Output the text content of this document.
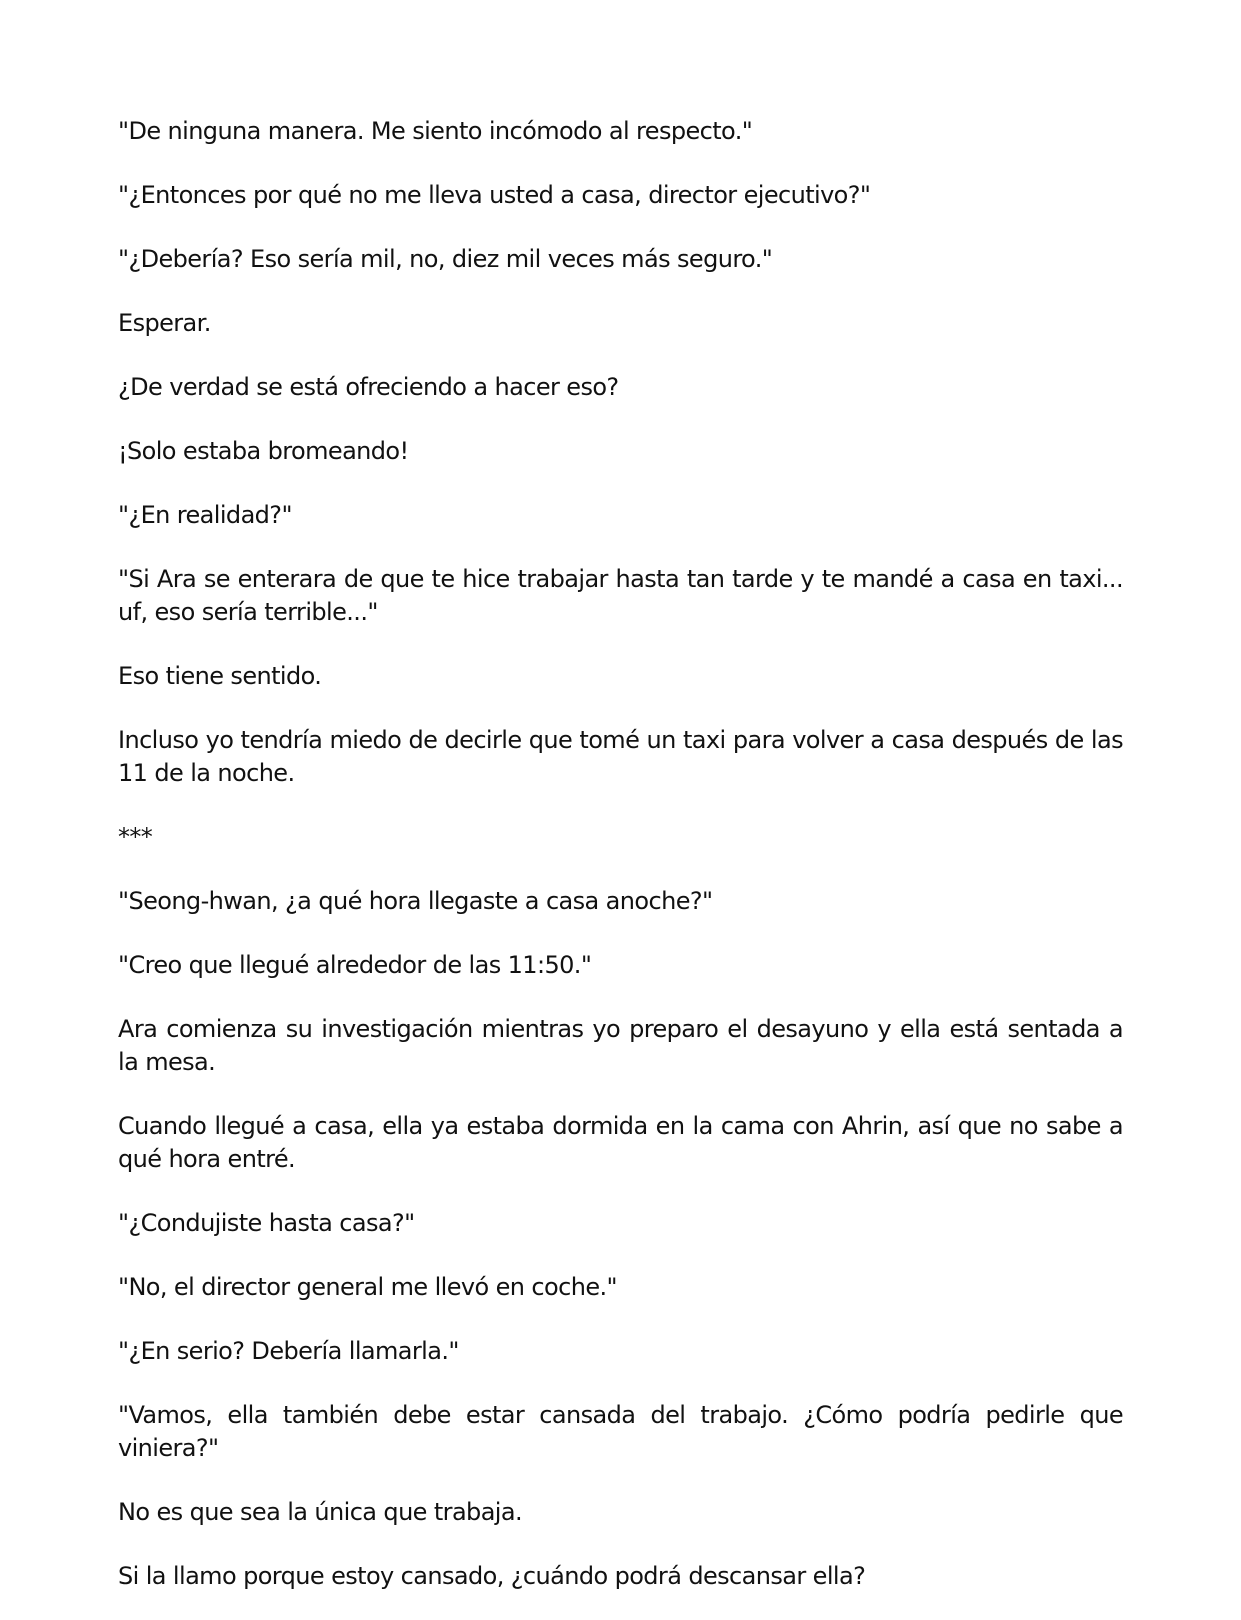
"De ninguna manera. Me siento incómodo al respecto."

"¿Entonces por qué no me lleva usted a casa, director ejecutivo?"

"¿Debería? Eso sería mil, no, diez mil veces más seguro."

Esperar.

¿De verdad se está ofreciendo a hacer eso?

¡Solo estaba bromeando!

"¿En realidad?"

"Si Ara se enterara de que te hice trabajar hasta tan tarde y te mandé a casa en taxi... uf, eso sería terrible..."

Eso tiene sentido.

Incluso yo tendría miedo de decirle que tomé un taxi para volver a casa después de las 11 de la noche.

***

"Seong-hwan, ¿a qué hora llegaste a casa anoche?"

"Creo que llegué alrededor de las 11:50."

Ara comienza su investigación mientras yo preparo el desayuno y ella está sentada a la mesa.

Cuando llegué a casa, ella ya estaba dormida en la cama con Ahrin, así que no sabe a qué hora entré.

"¿Condujiste hasta casa?"

"No, el director general me llevó en coche."

"¿En serio? Debería llamarla."

"Vamos, ella también debe estar cansada del trabajo. ¿Cómo podría pedirle que viniera?"

No es que sea la única que trabaja.

Si la llamo porque estoy cansado, ¿cuándo podrá descansar ella?
